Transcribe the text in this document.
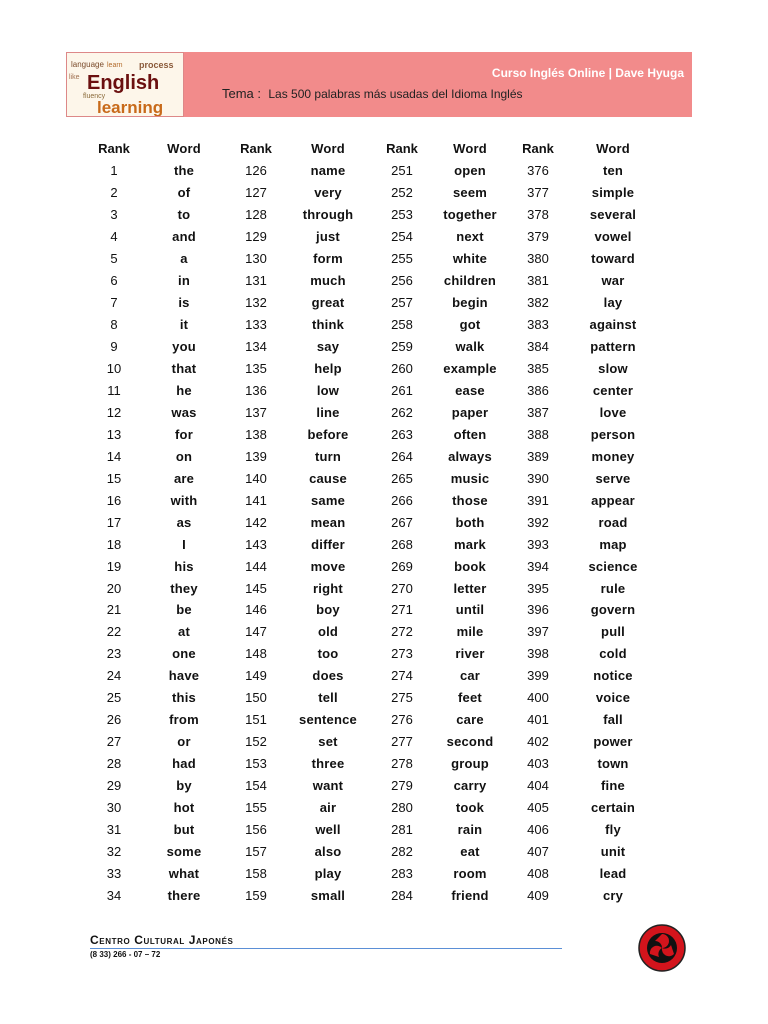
language learn process
like English
fluency
learning
Curso Inglés Online | Dave Hyuga
Tema : Las 500 palabras más usadas del Idioma Inglés
Rank	Word	Rank	Word	Rank	Word	Rank	Word
1	the	126	name	251	open	376	ten
2	of	127	very	252	seem	377	simple
3	to	128	through	253	together	378	several
4	and	129	just	254	next	379	vowel
5	a	130	form	255	white	380	toward
6	in	131	much	256	children	381	war
7	is	132	great	257	begin	382	lay
8	it	133	think	258	got	383	against
9	you	134	say	259	walk	384	pattern
10	that	135	help	260	example	385	slow
11	he	136	low	261	ease	386	center
12	was	137	line	262	paper	387	love
13	for	138	before	263	often	388	person
14	on	139	turn	264	always	389	money
15	are	140	cause	265	music	390	serve
16	with	141	same	266	those	391	appear
17	as	142	mean	267	both	392	road
18	I	143	differ	268	mark	393	map
19	his	144	move	269	book	394	science
20	they	145	right	270	letter	395	rule
21	be	146	boy	271	until	396	govern
22	at	147	old	272	mile	397	pull
23	one	148	too	273	river	398	cold
24	have	149	does	274	car	399	notice
25	this	150	tell	275	feet	400	voice
26	from	151	sentence	276	care	401	fall
27	or	152	set	277	second	402	power
28	had	153	three	278	group	403	town
29	by	154	want	279	carry	404	fine
30	hot	155	air	280	took	405	certain
31	but	156	well	281	rain	406	fly
32	some	157	also	282	eat	407	unit
33	what	158	play	283	room	408	lead
34	there	159	small	284	friend	409	cry
Centro Cultural Japonés
(8 33) 266 - 07 – 72
